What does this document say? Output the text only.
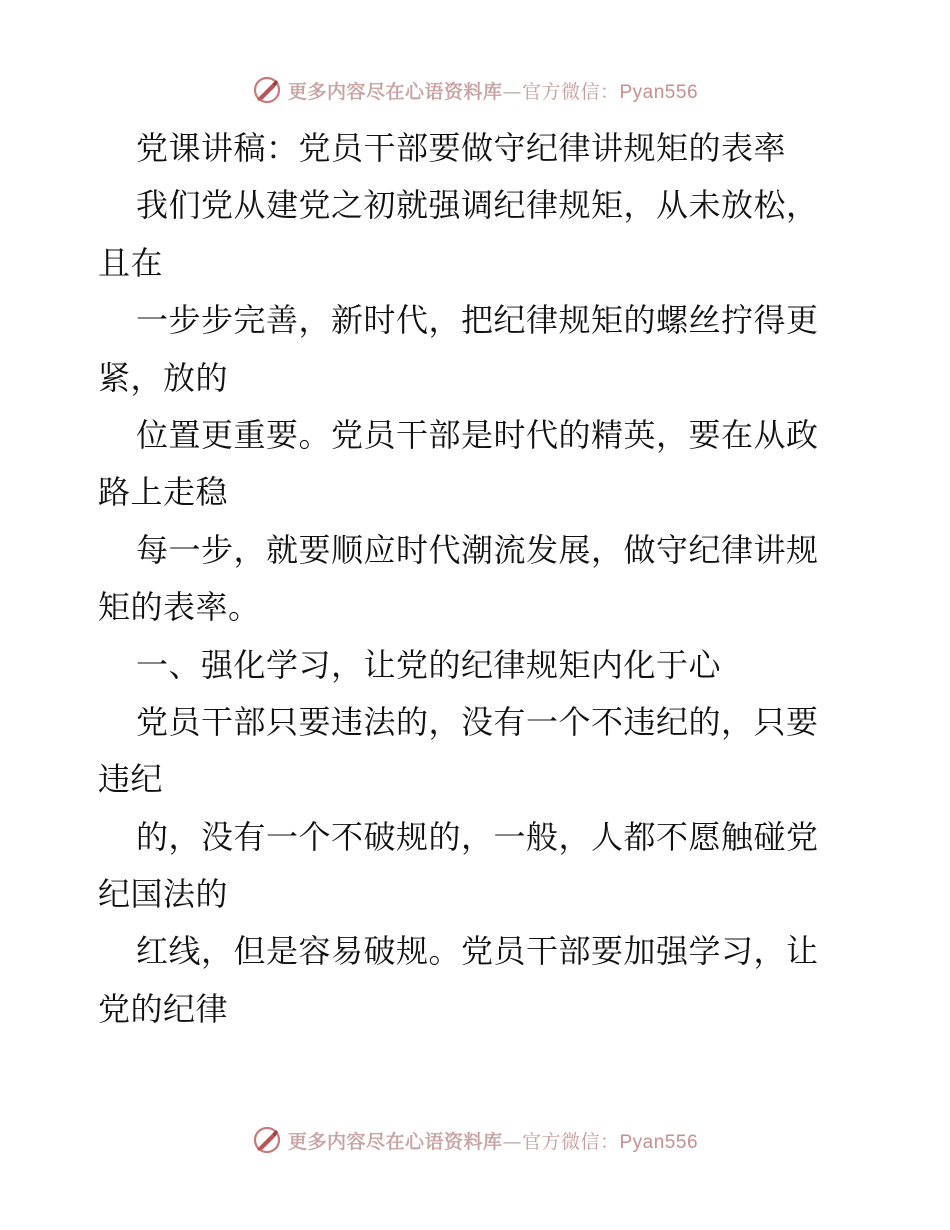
更多内容尽在心语资料库—官方微信：Pyan556
党课讲稿：党员干部要做守纪律讲规矩的表率
我们党从建党之初就强调纪律规矩，从未放松，
且在
一步步完善，新时代，把纪律规矩的螺丝拧得更
紧，放的
位置更重要。党员干部是时代的精英，要在从政
路上走稳
每一步，就要顺应时代潮流发展，做守纪律讲规
矩的表率。
一、强化学习，让党的纪律规矩内化于心
党员干部只要违法的，没有一个不违纪的，只要
违纪
的，没有一个不破规的，一般，人都不愿触碰党
纪国法的
红线，但是容易破规。党员干部要加强学习，让
党的纪律
更多内容尽在心语资料库—官方微信：Pyan556
